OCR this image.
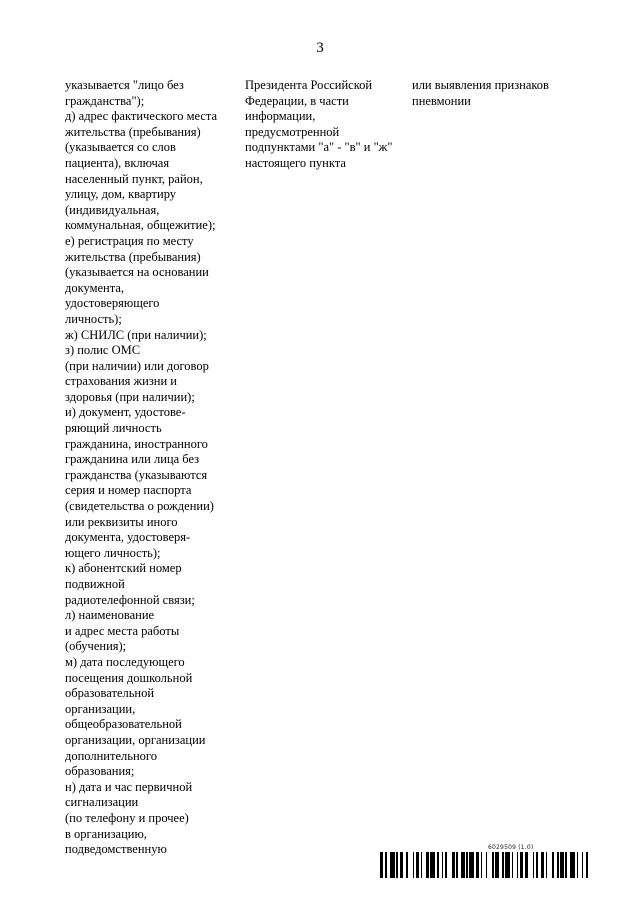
3
указывается "лицо без
гражданства");
д) адрес фактического места
жительства (пребывания)
(указывается со слов
пациента), включая
населенный пункт, район,
улицу, дом, квартиру
(индивидуальная,
коммунальная, общежитие);
е) регистрация по месту
жительства (пребывания)
(указывается на основании
документа,
удостоверяющего
личность);
ж) СНИЛС (при наличии);
з) полис ОМС
(при наличии) или договор
страхования жизни и
здоровья (при наличии);
и) документ, удостове-
ряющий личность
гражданина, иностранного
гражданина или лица без
гражданства (указываются
серия и номер паспорта
(свидетельства о рождении)
или реквизиты иного
документа, удостоверя-
ющего личность);
к) абонентский номер
подвижной
радиотелефонной связи;
л) наименование
и адрес места работы
(обучения);
м) дата последующего
посещения дошкольной
образовательной
организации,
общеобразовательной
организации, организации
дополнительного
образования;
н) дата и час первичной
сигнализации
(по телефону и прочее)
в организацию,
подведомственную
Президента Российской
Федерации, в части
информации,
предусмотренной
подпунктами "а" - "в" и "ж"
настоящего пункта
или выявления признаков
пневмонии
6029509 (1.0)
